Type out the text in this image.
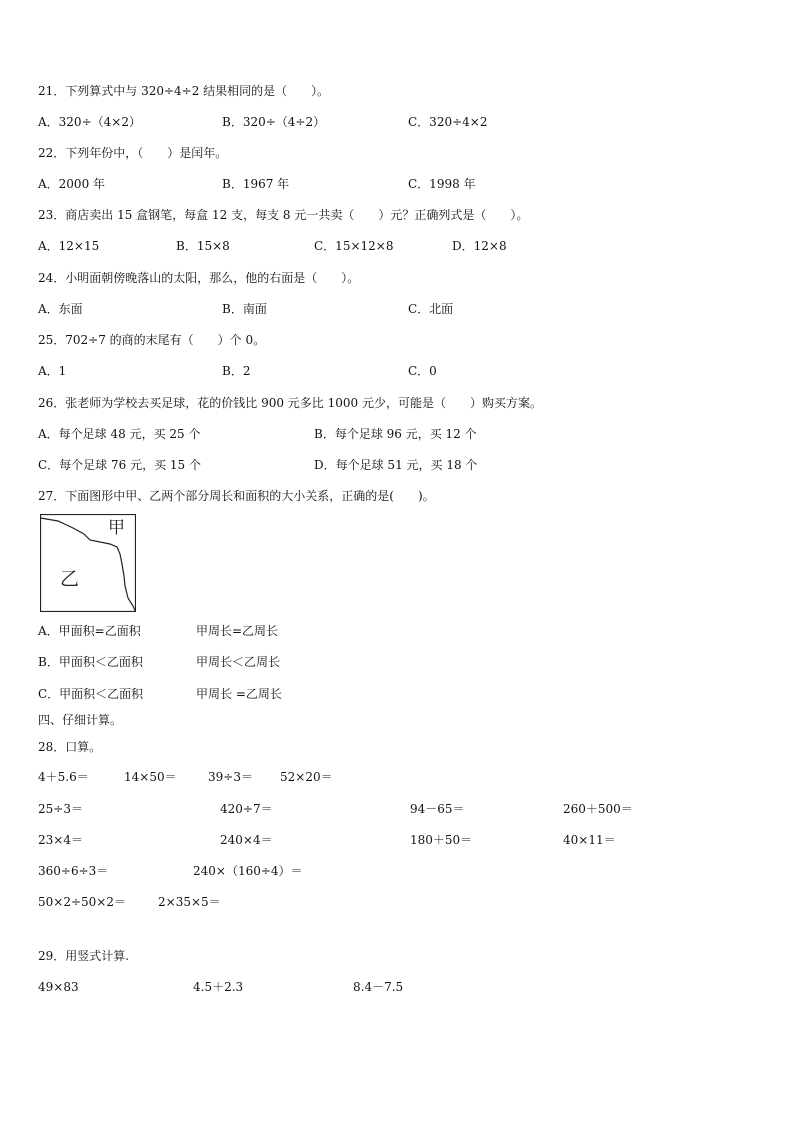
21．下列算式中与 320÷4÷2 结果相同的是（　　）。
A．320÷（4×2）	B．320÷（4÷2）	C．320÷4×2
22．下列年份中，（　　）是闰年。
A．2000 年	B．1967 年	C．1998 年
23．商店卖出 15 盒钢笔，每盒 12 支，每支 8 元一共卖（　　）元？正确列式是（　　）。
A．12×15	B．15×8	C．15×12×8	D．12×8
24．小明面朝傍晚落山的太阳，那么，他的右面是（　　）。
A．东面	B．南面	C．北面
25．702÷7 的商的末尾有（　　）个 0。
A．1	B．2	C．0
26．张老师为学校去买足球，花的价钱比 900 元多比 1000 元少，可能是（　　）购买方案。
A．每个足球 48 元，买 25 个	B．每个足球 96 元，买 12 个
C．每个足球 76 元，买 15 个	D．每个足球 51 元，买 18 个
27．下面图形中甲、乙两个部分周长和面积的大小关系，正确的是(　　)。
甲
乙
A．甲面积=乙面积	甲周长=乙周长
B．甲面积＜乙面积	甲周长＜乙周长
C．甲面积＜乙面积	甲周长 =乙周长
四、仔细计算。
28．口算。
4＋5.6＝	14×50＝	39÷3＝ 52×20＝
25÷3＝	420÷7＝	94－65＝	260＋500＝
23×4＝	240×4＝	180＋50＝	40×11＝
360÷6÷3＝	240×（160÷4）＝
50×2÷50×2＝	2×35×5＝
29．用竖式计算.
49×83	4.5＋2.3	8.4－7.5
